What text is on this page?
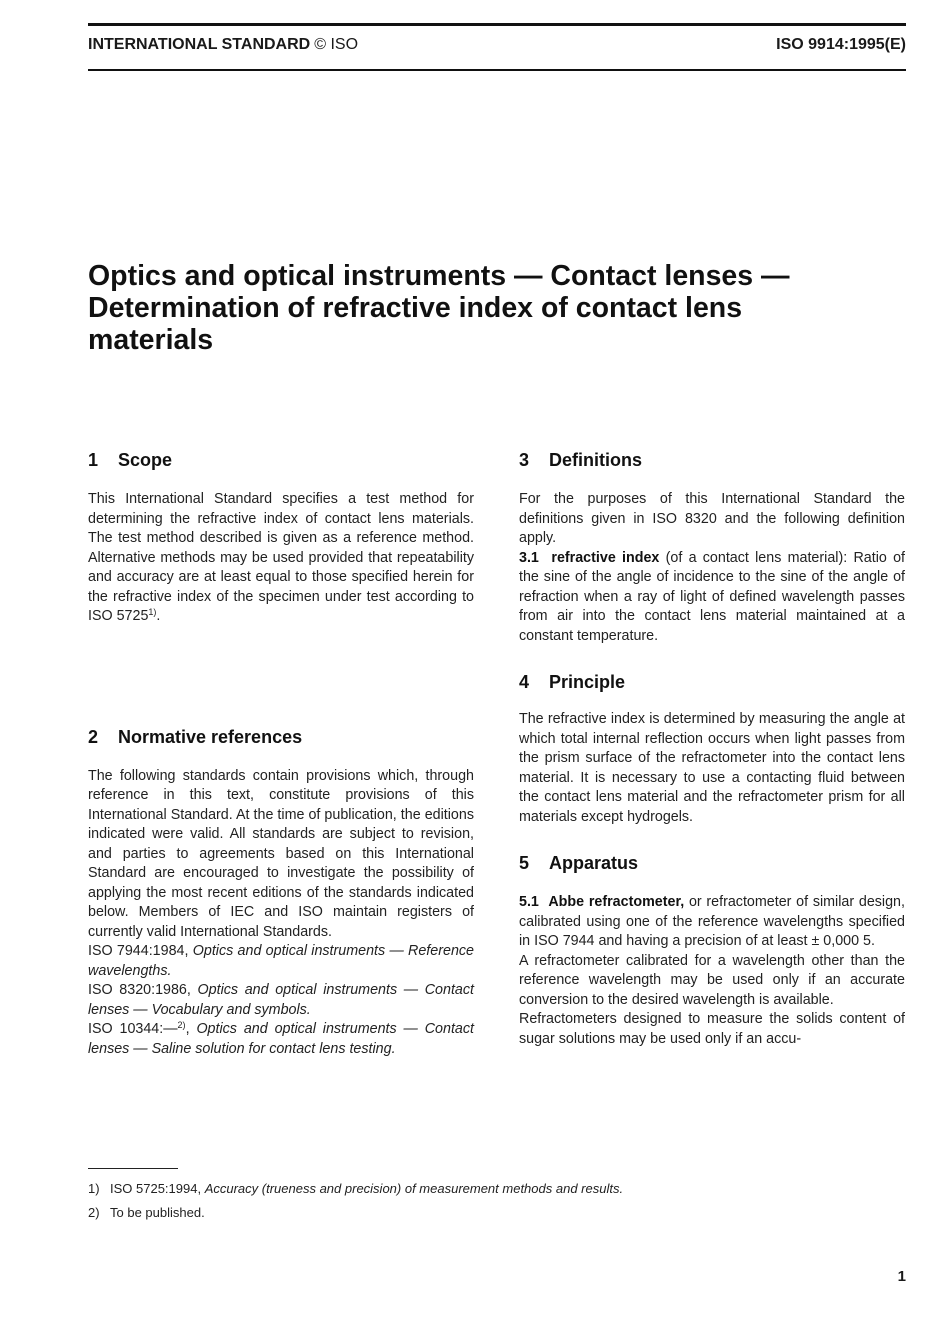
INTERNATIONAL STANDARD © ISO	ISO 9914:1995(E)
Optics and optical instruments — Contact lenses —
Determination of refractive index of contact lens
materials
1 Scope

This International Standard specifies a test method for determining the refractive index of contact lens materials. The test method described is given as a reference method. Alternative methods may be used provided that repeatability and accuracy are at least equal to those specified herein for the refractive index of the specimen under test according to ISO 5725$^{1)}$.

2 Normative references

The following standards contain provisions which, through reference in this text, constitute provisions of this International Standard. At the time of publication, the editions indicated were valid. All standards are subject to revision, and parties to agreements based on this International Standard are encouraged to investigate the possibility of applying the most recent editions of the standards indicated below. Members of IEC and ISO maintain registers of currently valid International Standards.

ISO 7944:1984, Optics and optical instruments — Reference wavelengths.

ISO 8320:1986, Optics and optical instruments — Contact lenses — Vocabulary and symbols.

ISO 10344:—$^{2)}$, Optics and optical instruments — Contact lenses — Saline solution for contact lens testing.

3 Definitions

For the purposes of this International Standard the definitions given in ISO 8320 and the following definition apply.

3.1 refractive index (of a contact lens material): Ratio of the sine of the angle of incidence to the sine of the angle of refraction when a ray of light of defined wavelength passes from air into the contact lens material maintained at a constant temperature.

4 Principle

The refractive index is determined by measuring the angle at which total internal reflection occurs when light passes from the prism surface of the refractometer into the contact lens material. It is necessary to use a contacting fluid between the contact lens material and the refractometer prism for all materials except hydrogels.

5 Apparatus

5.1 Abbe refractometer, or refractometer of similar design, calibrated using one of the reference wavelengths specified in ISO 7944 and having a precision of at least ± 0,000 5.

A refractometer calibrated for a wavelength other than the reference wavelength may be used only if an accurate conversion to the desired wavelength is available.

Refractometers designed to measure the solids content of sugar solutions may be used only if an accu-

1) ISO 5725:1994, Accuracy (trueness and precision) of measurement methods and results.
2) To be published.
1
